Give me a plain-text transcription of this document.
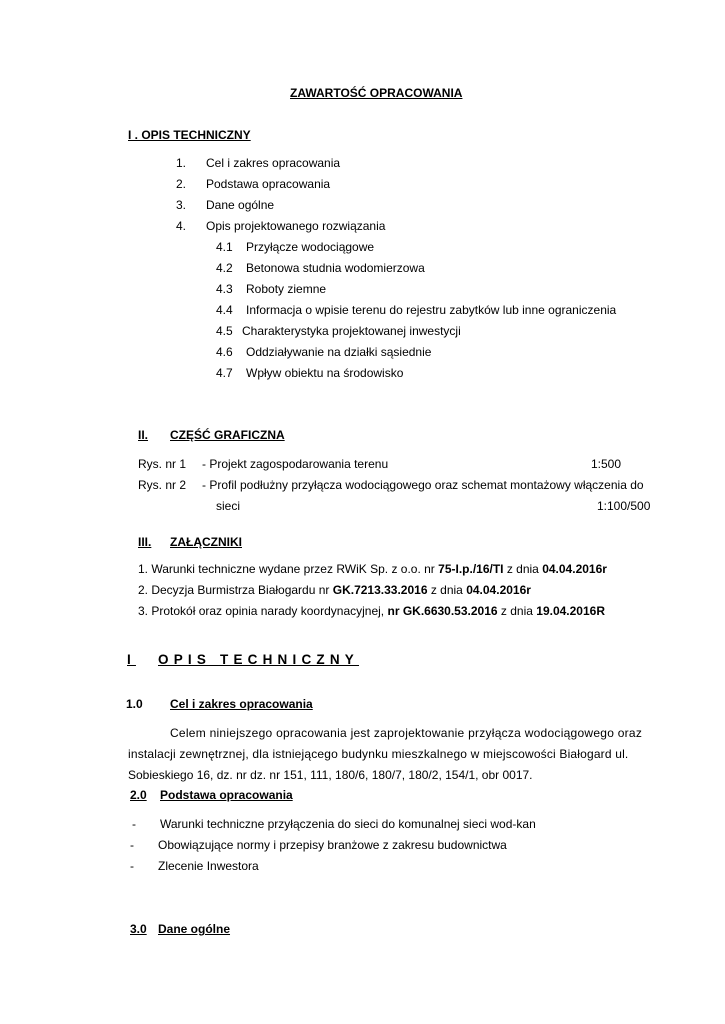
ZAWARTOŚĆ OPRACOWANIA
I . OPIS TECHNICZNY
1. Cel i zakres opracowania
2. Podstawa opracowania
3. Dane ogólne
4. Opis projektowanego rozwiązania
4.1 Przyłącze wodociągowe
4.2 Betonowa studnia wodomierzowa
4.3 Roboty ziemne
4.4 Informacja o wpisie terenu do rejestru zabytków lub inne ograniczenia
4.5 Charakterystyka projektowanej inwestycji
4.6 Oddziaływanie na działki sąsiednie
4.7 Wpływ obiektu na środowisko
II. CZĘŚĆ GRAFICZNA
Rys. nr 1 - Projekt zagospodarowania terenu	1:500
Rys. nr 2 - Profil podłużny przyłącza wodociągowego oraz schemat montażowy włączenia do
sieci	1:100/500
III. ZAŁĄCZNIKI
1. Warunki techniczne wydane przez RWiK Sp. z o.o. nr 75-I.p./16/TI z dnia 04.04.2016r
2. Decyzja Burmistrza Białogardu nr GK.7213.33.2016 z dnia 04.04.2016r
3. Protokół oraz opinia narady koordynacyjnej, nr GK.6630.53.2016 z dnia 19.04.2016R
I OPIS TECHNICZNY
1.0 Cel i zakres opracowania
Celem niniejszego opracowania jest zaprojektowanie przyłącza wodociągowego oraz
instalacji zewnętrznej, dla istniejącego budynku mieszkalnego w miejscowości Białogard ul.
Sobieskiego 16, dz. nr dz. nr 151, 111, 180/6, 180/7, 180/2, 154/1, obr 0017.
2.0 Podstawa opracowania
- Warunki techniczne przyłączenia do sieci do komunalnej sieci wod-kan
- Obowiązujące normy i przepisy branżowe z zakresu budownictwa
- Zlecenie Inwestora
3.0 Dane ogólne
